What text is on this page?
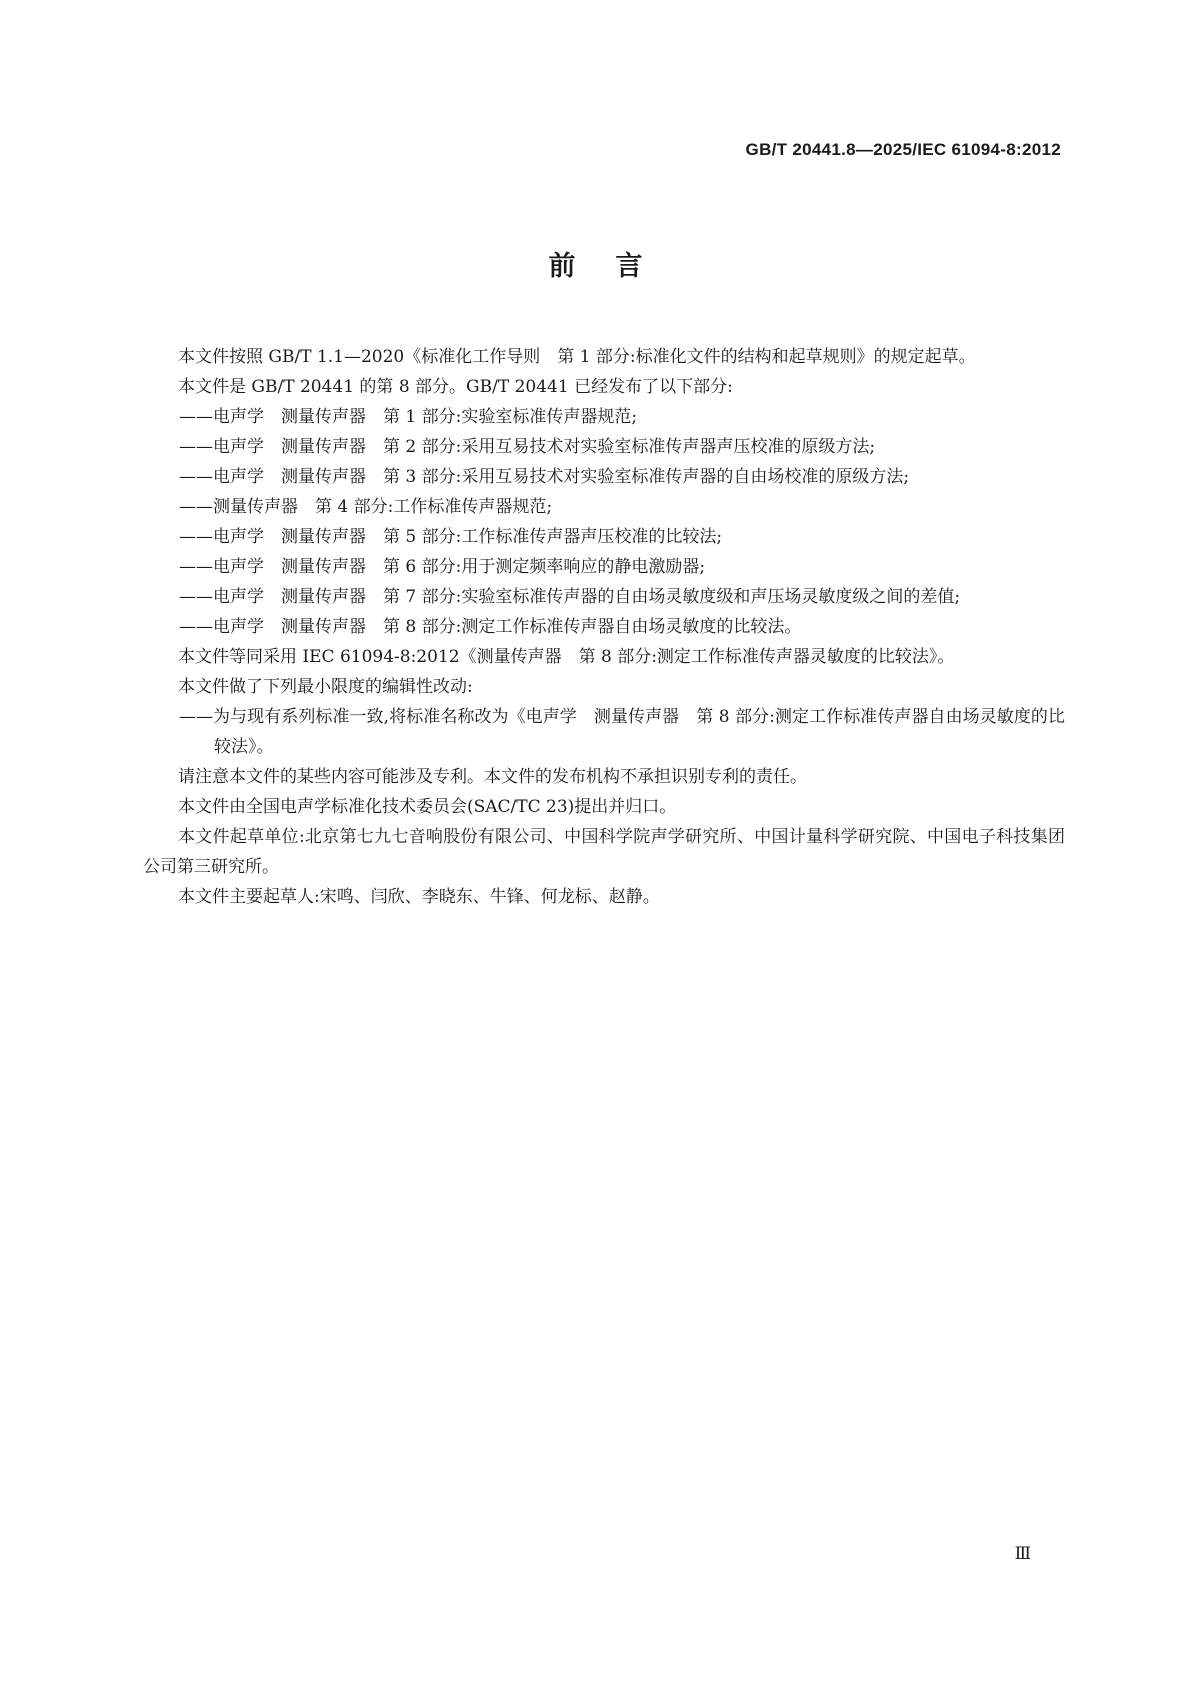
GB/T 20441.8—2025/IEC 61094-8:2012
前言

本文件按照 GB/T 1.1—2020《标准化工作导则　第 1 部分:标准化文件的结构和起草规则》的规定起草。

本文件是 GB/T 20441 的第 8 部分。GB/T 20441 已经发布了以下部分:

——电声学　测量传声器　第 1 部分:实验室标准传声器规范;

——电声学　测量传声器　第 2 部分:采用互易技术对实验室标准传声器声压校准的原级方法;

——电声学　测量传声器　第 3 部分:采用互易技术对实验室标准传声器的自由场校准的原级方法;

——测量传声器　第 4 部分:工作标准传声器规范;

——电声学　测量传声器　第 5 部分:工作标准传声器声压校准的比较法;

——电声学　测量传声器　第 6 部分:用于测定频率响应的静电激励器;

——电声学　测量传声器　第 7 部分:实验室标准传声器的自由场灵敏度级和声压场灵敏度级之间的差值;

——电声学　测量传声器　第 8 部分:测定工作标准传声器自由场灵敏度的比较法。

本文件等同采用 IEC 61094-8:2012《测量传声器　第 8 部分:测定工作标准传声器灵敏度的比较法》。

本文件做了下列最小限度的编辑性改动:

——为与现有系列标准一致,将标准名称改为《电声学　测量传声器　第 8 部分:测定工作标准传声器自由场灵敏度的比较法》。

请注意本文件的某些内容可能涉及专利。本文件的发布机构不承担识别专利的责任。

本文件由全国电声学标准化技术委员会(SAC/TC 23)提出并归口。

本文件起草单位:北京第七九七音响股份有限公司、中国科学院声学研究所、中国计量科学研究院、中国电子科技集团公司第三研究所。

本文件主要起草人:宋鸣、闫欣、李晓东、牛锋、何龙标、赵静。

Ⅲ
